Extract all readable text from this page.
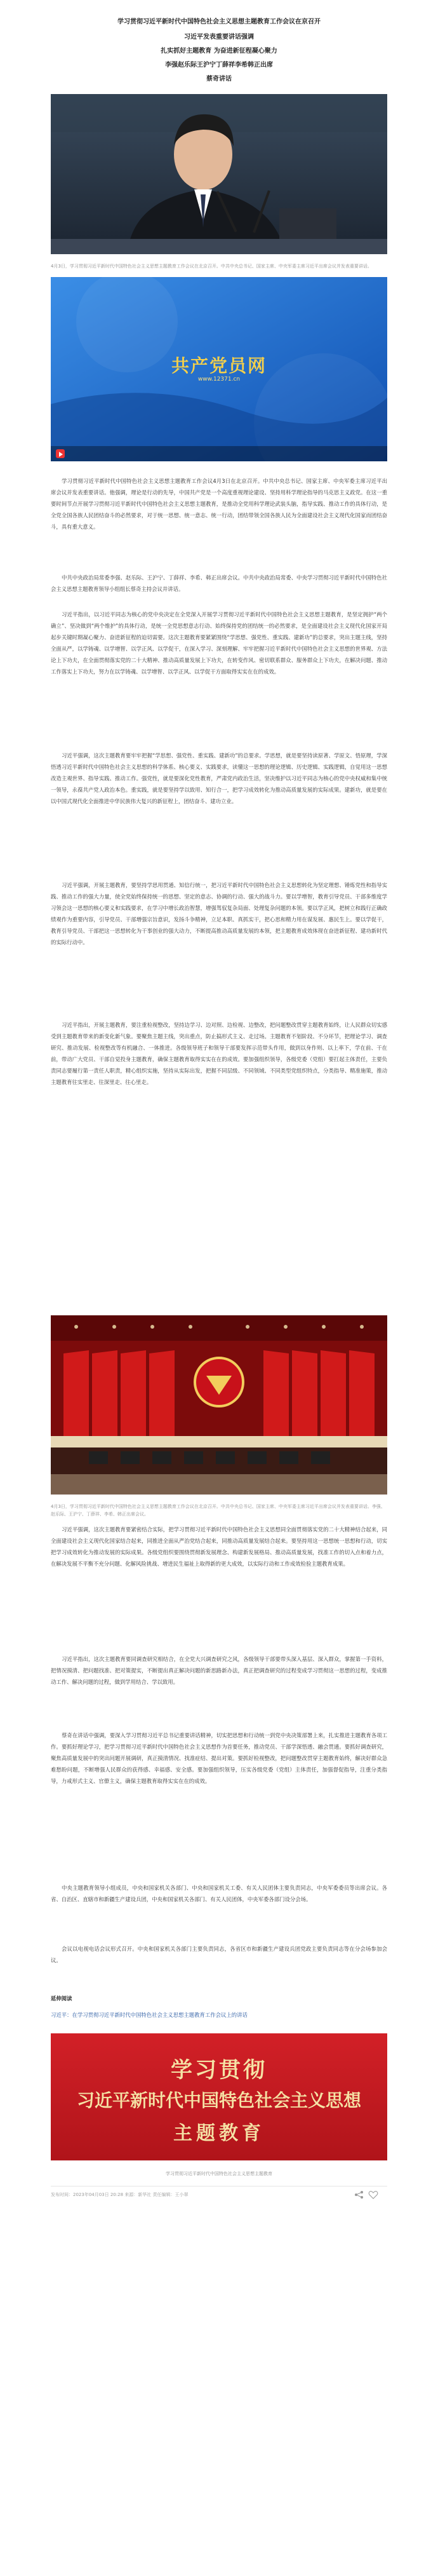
学习贯彻习近平新时代中国特色社会主义思想主题教育工作会议在京召开

习近平发表重要讲话强调

扎实抓好主题教育 为奋进新征程凝心聚力

李强赵乐际王沪宁丁薛祥李希韩正出席

蔡奇讲话

4月3日，学习贯彻习近平新时代中国特色社会主义思想主题教育工作会议在北京召开。中共中央总书记、国家主席、中央军委主席习近平出席会议并发表重要讲话。

共产党员网
www.12371.cn

学习贯彻习近平新时代中国特色社会主义思想主题教育工作会议4月3日在北京召开。中共中央总书记、国家主席、中央军委主席习近平出席会议并发表重要讲话。他强调，理论是行动的先导，中国共产党是一个高度重视理论建设、坚持用科学理论指导的马克思主义政党。在这一重要时间节点开展学习贯彻习近平新时代中国特色社会主义思想主题教育，是推动全党用科学理论武装头脑，指导实践、推动工作的具体行动，是全党全国各族人民团结奋斗的必然要求，对于统一思想、统一意志、统一行动，团结带领全国各族人民为全面建设社会主义现代化国家而团结奋斗，具有重大意义。

中共中央政治局常委李强、赵乐际、王沪宁、丁薛祥、李希、韩正出席会议。中共中央政治局常委、中央学习贯彻习近平新时代中国特色社会主义思想主题教育领导小组组长蔡奇主持会议并讲话。

习近平指出，以习近平同志为核心的党中央决定在全党深入开展学习贯彻习近平新时代中国特色社会主义思想主题教育，是坚定拥护“两个确立”、坚决做到“两个维护”的具体行动，是统一全党思想意志行动、始终保持党的团结统一的必然要求，是全面建设社会主义现代化国家开局起步关键时期凝心聚力、奋进新征程的迫切需要。这次主题教育要紧紧围绕“学思想、强党性、重实践、建新功”的总要求，突出主题主线，坚持全面从严，以学铸魂、以学增智、以学正风、以学促干，在深入学习、深刻理解、牢牢把握习近平新时代中国特色社会主义思想的世界观、方法论上下功夫，在全面贯彻落实党的二十大精神、推动高质量发展上下功夫，在转变作风、密切联系群众、服务群众上下功夫，在解决问题、推动工作落实上下功夫，努力在以学铸魂、以学增智、以学正风、以学促干方面取得实实在在的成效。

习近平强调，这次主题教育要牢牢把握“学思想、强党性、重实践、建新功”的总要求。学思想，就是要坚持读原著、学原文、悟原理，学深悟透习近平新时代中国特色社会主义思想的科学体系、核心要义、实践要求，读懂这一思想的理论逻辑、历史逻辑、实践逻辑，自觉用这一思想改造主观世界、指导实践、推动工作。强党性，就是要深化党性教育，严肃党内政治生活，坚决维护以习近平同志为核心的党中央权威和集中统一领导，永葆共产党人政治本色。重实践，就是要坚持学以致用、知行合一，把学习成效转化为推动高质量发展的实际成果。建新功，就是要在以中国式现代化全面推进中华民族伟大复兴的新征程上，团结奋斗、建功立业。

习近平强调，开展主题教育，要坚持学思用贯通、知信行统一，把习近平新时代中国特色社会主义思想转化为坚定理想、锤炼党性和指导实践、推动工作的强大力量，使全党始终保持统一的思想、坚定的意志、协调的行动、强大的战斗力。要以学增智，教育引导党员、干部多维度学习领会这一思想的核心要义和实践要求，在学习中增长政治智慧，增强驾驭复杂局面、处理复杂问题的本领。要以学正风，把树立和践行正确政绩观作为重要内容，引导党员、干部增强宗旨意识，发扬斗争精神，立足本职、真抓实干，把心思和精力用在谋发展、惠民生上。要以学促干，教育引导党员、干部把这一思想转化为干事创业的强大动力，不断提高推动高质量发展的本领，把主题教育成效体现在奋进新征程、建功新时代的实际行动中。

习近平指出，开展主题教育，要注重检视整改，坚持边学习、边对照、边检视、边整改，把问题整改贯穿主题教育始终，让人民群众切实感受到主题教育带来的新变化新气象。要聚焦主题主线，突出重点，防止搞形式主义、走过场。主题教育不划阶段、不分环节，把理论学习、调查研究、推动发展、检视整改等有机融合、一体推进。各级领导班子和领导干部要发挥示范带头作用，做到以身作则、以上率下，学在前、干在前，带动广大党员、干部自觉投身主题教育，确保主题教育取得实实在在的成效。要加强组织领导，各级党委（党组）要扛起主体责任，主要负责同志要履行第一责任人职责，精心组织实施，坚持从实际出发，把握不同层级、不同领域、不同类型党组织特点，分类指导、精准施策，推动主题教育往实里走、往深里走、往心里走。

4月3日，学习贯彻习近平新时代中国特色社会主义思想主题教育工作会议在北京召开。中共中央总书记、国家主席、中央军委主席习近平出席会议并发表重要讲话。李强、赵乐际、王沪宁、丁薛祥、李希、韩正出席会议。

习近平强调，这次主题教育要紧密结合实际，把学习贯彻习近平新时代中国特色社会主义思想同全面贯彻落实党的二十大精神结合起来，同全面建设社会主义现代化国家结合起来，同推进全面从严治党结合起来，同推动高质量发展结合起来。要坚持用这一思想统一思想和行动，切实把学习成效转化为推动发展的实际成果。各级党组织要围绕贯彻新发展理念、构建新发展格局、推动高质量发展，找准工作的切入点和着力点，在解决发展不平衡不充分问题、化解风险挑战、增进民生福祉上取得新的更大成效，以实际行动和工作成效检验主题教育成果。

习近平指出，这次主题教育要同调查研究相结合，在全党大兴调查研究之风，各级领导干部要带头深入基层、深入群众，掌握第一手资料，把情况摸清、把问题找准、把对策提实，不断提出真正解决问题的新思路新办法，真正把调查研究的过程变成学习贯彻这一思想的过程，变成推动工作、解决问题的过程，做到学用结合、学以致用。

蔡奇在讲话中强调，要深入学习贯彻习近平总书记重要讲话精神，切实把思想和行动统一到党中央决策部署上来，扎实推进主题教育各项工作。要抓好理论学习，把学习贯彻习近平新时代中国特色社会主义思想作为首要任务，推动党员、干部学深悟透、融会贯通。要抓好调查研究，聚焦高质量发展中的突出问题开展调研，真正摸清情况、找准症结、提出对策。要抓好检视整改，把问题整改贯穿主题教育始终，解决好群众急难愁盼问题，不断增强人民群众的获得感、幸福感、安全感。要加强组织领导，压实各级党委（党组）主体责任，加强督促指导，注重分类指导，力戒形式主义、官僚主义，确保主题教育取得实实在在的成效。

中央主题教育领导小组成员，中央和国家机关各部门、中央和国家机关工委、有关人民团体主要负责同志，中央军委委员等出席会议。各省、自治区、直辖市和新疆生产建设兵团，中央和国家机关各部门、有关人民团体，中央军委各部门设分会场。

会议以电视电话会议形式召开。中央和国家机关各部门主要负责同志，各省区市和新疆生产建设兵团党政主要负责同志等在分会场参加会议。

延伸阅读

习近平：在学习贯彻习近平新时代中国特色社会主义思想主题教育工作会议上的讲话

学习贯彻
习近平新时代中国特色社会主义思想
主题教育

学习贯彻习近平新时代中国特色社会主义思想主题教育

发布时间：2023年04月03日 20:28 来源：新华社 责任编辑：王小翠
